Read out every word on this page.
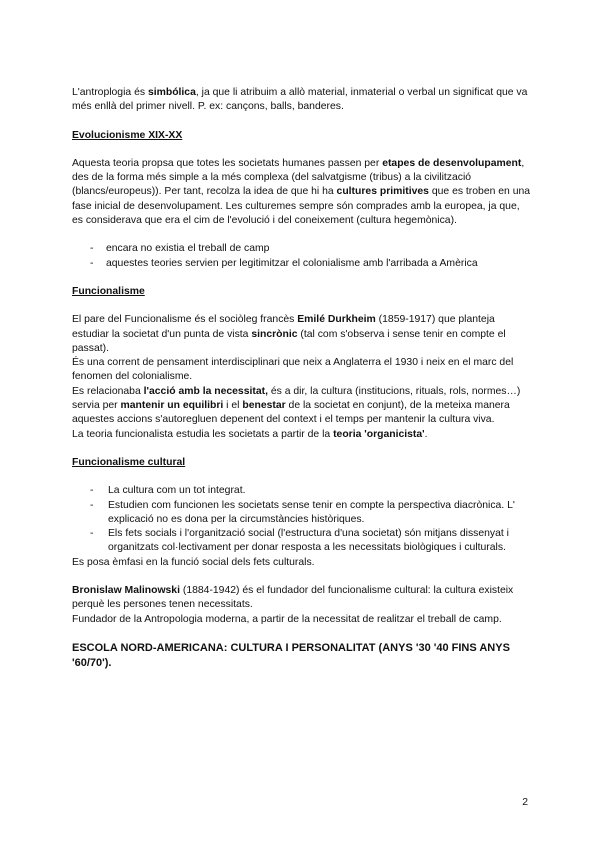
L'antroplogia és simbólica, ja que li atribuim a allò material, inmaterial o verbal un significat que va més enllà del primer nivell. P. ex: cançons, balls, banderes.

Evolucionisme XIX-XX

Aquesta teoria propsa que totes les societats humanes passen per etapes de desenvolupament, des de la forma més simple a la més complexa (del salvatgisme (tribus) a la civilització (blancs/europeus)). Per tant, recolza la idea de que hi ha cultures primitives que es troben en una fase inicial de desenvolupament. Les culturemes sempre són comprades amb la europea, ja que, es considerava que era el cim de l'evolució i del coneixement (cultura hegemònica).

- encara no existia el treball de camp
- aquestes teories servien per legitimitzar el colonialisme amb l'arribada a Amèrica

Funcionalisme

El pare del Funcionalisme és el sociòleg francès Emilé Durkheim (1859-1917) que planteja estudiar la societat d'un punta de vista sincrònic (tal com s'observa i sense tenir en compte el passat).

És una corrent de pensament interdisciplinari que neix a Anglaterra el 1930 i neix en el marc del fenomen del colonialisme.

Es relacionaba l'acció amb la necessitat, és a dir, la cultura (institucions, rituals, rols, normes…) servia per mantenir un equilibri i el benestar de la societat en conjunt), de la meteixa manera aquestes accions s'autoregluen depenent del context i el temps per mantenir la cultura viva.

La teoria funcionalista estudia les societats a partir de la teoria 'organicista'.

Funcionalisme cultural

- La cultura com un tot integrat.
- Estudien com funcionen les societats sense tenir en compte la perspectiva diacrònica. L' explicació no es dona per la circumstàncies històriques.
- Els fets socials i l'organització social (l'estructura d'una societat) són mitjans dissenyat i organitzats col·lectivament per donar resposta a les necessitats biològiques i culturals.

Es posa èmfasi en la funció social dels fets culturals.

Bronislaw Malinowski (1884-1942) és el fundador del funcionalisme cultural: la cultura existeix perquè les persones tenen necessitats.

Fundador de la Antropologia moderna, a partir de la necessitat de realitzar el treball de camp.

ESCOLA NORD-AMERICANA: CULTURA I PERSONALITAT (ANYS '30 '40 FINS ANYS '60/70').

2
